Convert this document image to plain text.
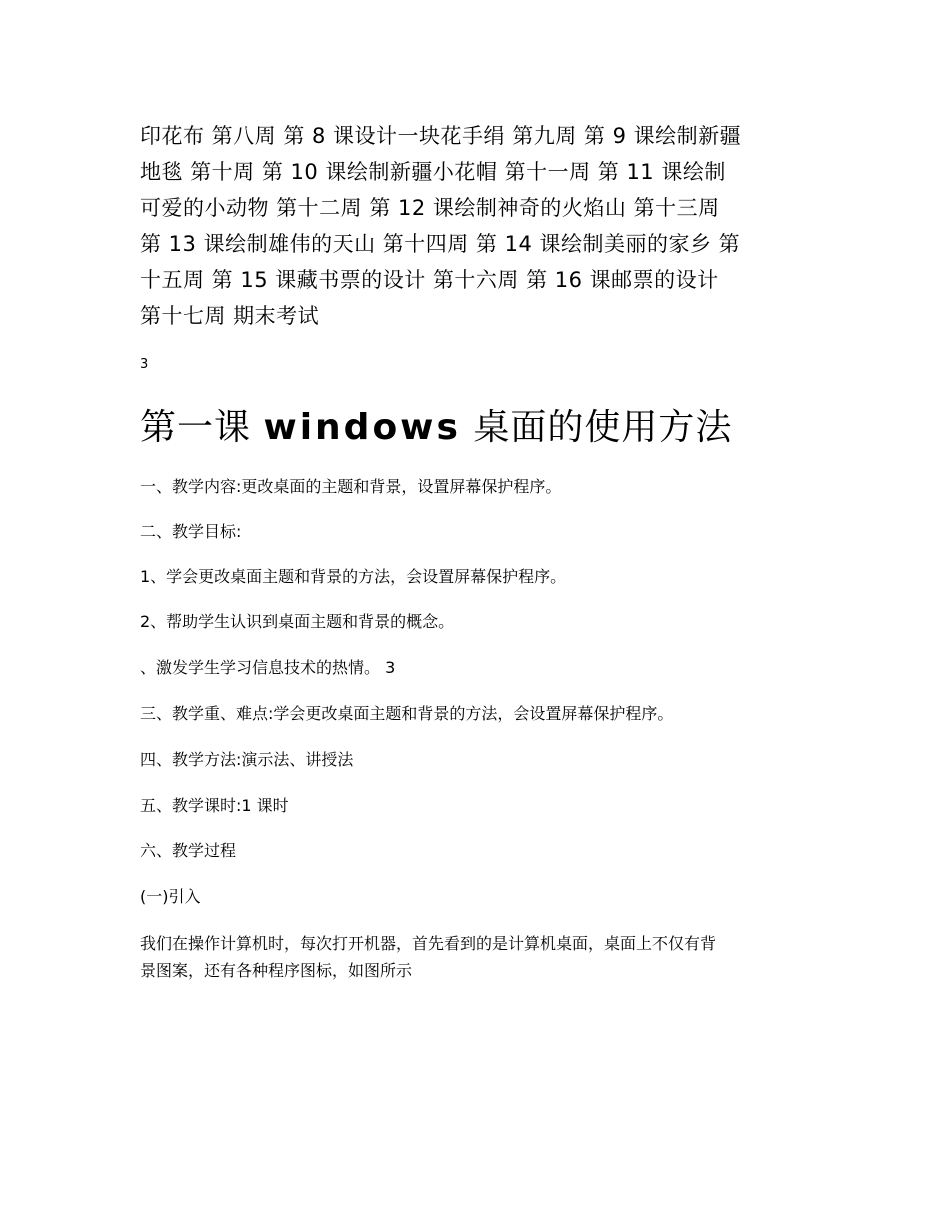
印花布 第八周 第 8 课设计一块花手绢 第九周 第 9 课绘制新疆
地毯 第十周 第 10 课绘制新疆小花帽 第十一周 第 11 课绘制
可爱的小动物 第十二周 第 12 课绘制神奇的火焰山 第十三周
第 13 课绘制雄伟的天山 第十四周 第 14 课绘制美丽的家乡 第
十五周 第 15 课藏书票的设计 第十六周 第 16 课邮票的设计
第十七周 期末考试
3
第一课 windows 桌面的使用方法

一、教学内容:更改桌面的主题和背景，设置屏幕保护程序。

二、教学目标:

1、学会更改桌面主题和背景的方法，会设置屏幕保护程序。

2、帮助学生认识到桌面主题和背景的概念。

、激发学生学习信息技术的热情。 3

三、教学重、难点:学会更改桌面主题和背景的方法，会设置屏幕保护程序。

四、教学方法:演示法、讲授法

五、教学课时:1 课时

六、教学过程

(一)引入

我们在操作计算机时，每次打开机器，首先看到的是计算机桌面，桌面上不仅有背
景图案，还有各种程序图标，如图所示
